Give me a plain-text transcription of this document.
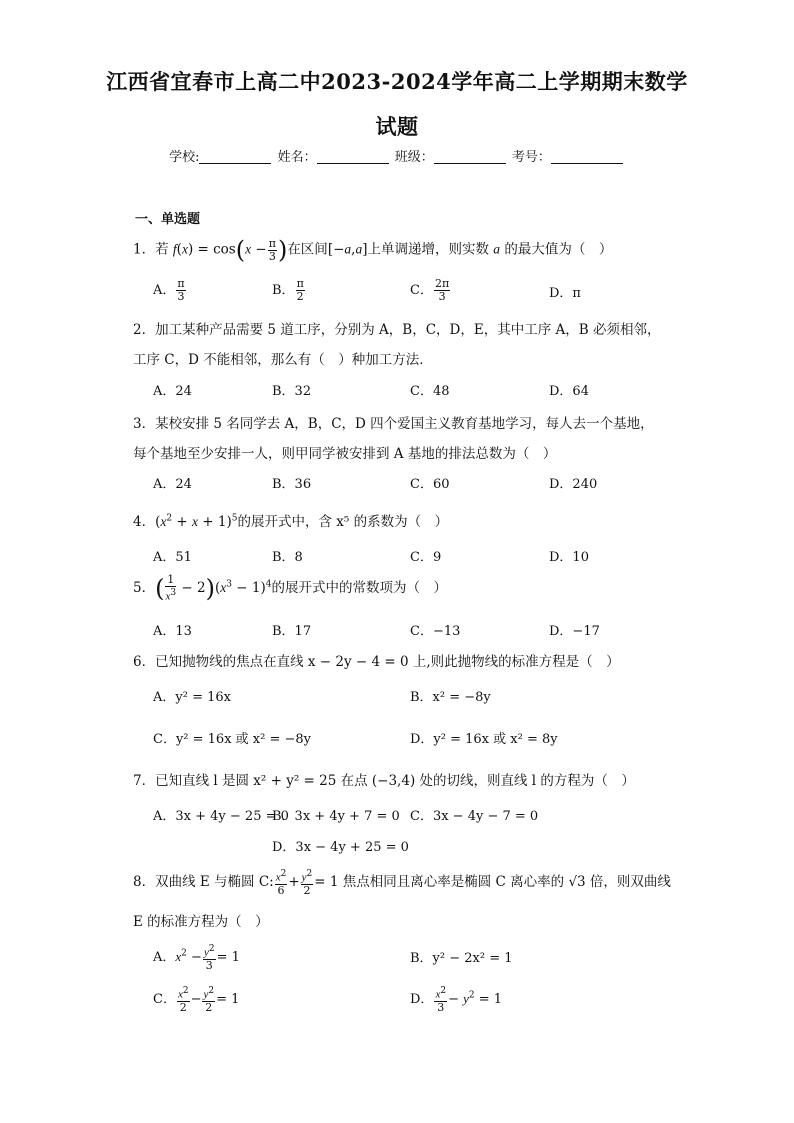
江西省宜春市上高二中2023-2024学年高二上学期期末数学
试题
学校:	姓名：	班级：	考号：
一、单选题
1．若 $f(x) = \cos(x - \frac{\pi}{3}$ )在区间[−a,a]上单调递增，则实数 a 的最大值为（　）
A． $\frac{\pi}{3}$	B． $\frac{\pi}{2}$	C． $\frac{2\pi}{3}$	D．π
2．加工某种产品需要 5 道工序，分别为 A，B，C，D，E，其中工序 A，B 必须相邻，
工序 C，D 不能相邻，那么有（　）种加工方法．
A．24	B．32	C．48	D．64
3．某校安排 5 名同学去 A，B，C，D 四个爱国主义教育基地学习，每人去一个基地，
每个基地至少安排一人，则甲同学被安排到 A 基地的排法总数为（　）
A．24	B．36	C．60	D．240
4．$(x^2 + x + 1)^5$的展开式中，含 x⁵ 的系数为（　）
A．51	B．8	C．9	D．10
5．( $\frac{1}{x^3} - 2)(x^3 - 1)^4$的展开式中的常数项为（　）
A．13	B．17	C．−13	D．−17
6．已知抛物线的焦点在直线 x − 2y − 4 = 0 上,则此抛物线的标准方程是（　）
A．y² = 16x	B．x² = −8y
C．y² = 16x 或 x² = −8y	D．y² = 16x 或 x² = 8y
7．已知直线 l 是圆 x² + y² = 25 在点 (−3,4) 处的切线，则直线 l 的方程为（　）
A．3x + 4y − 25 = 0
B．3x + 4y + 7 = 0 C．3x − 4y − 7 = 0
D．3x − 4y + 25 = 0
8．双曲线 E 与椭圆 C: $\frac{x^2}{6} + \frac{y^2}{2} = 1$ 焦点相同且离心率是椭圆 C 离心率的 √3 倍，则双曲线
E 的标准方程为（　）
A．$x^2 - \frac{y^2}{3} = 1$	B．y² − 2x² = 1
C． $\frac{x^2}{2} - \frac{y^2}{2} = 1$	D． $\frac{x^2}{3} - y^2 = 1$
